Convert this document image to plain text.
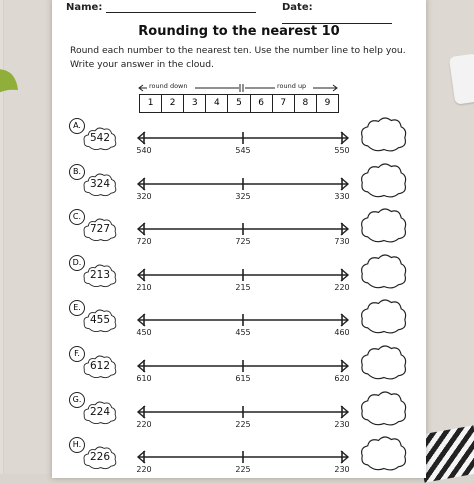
Name:	Date:
Rounding to the nearest 10
Round each number to the nearest ten. Use the number line to help you.
Write your answer in the cloud.
round down	round up
1	2	3	4	5	6	7	8	9
542
A.
540	545	550
324
B.
320	325	330
727
C.
720	725	730
213
D.
210	215	220
455
E.
450	455	460
612
F.
610	615	620
224
G.
220	225	230
226
H.
220	225	230
